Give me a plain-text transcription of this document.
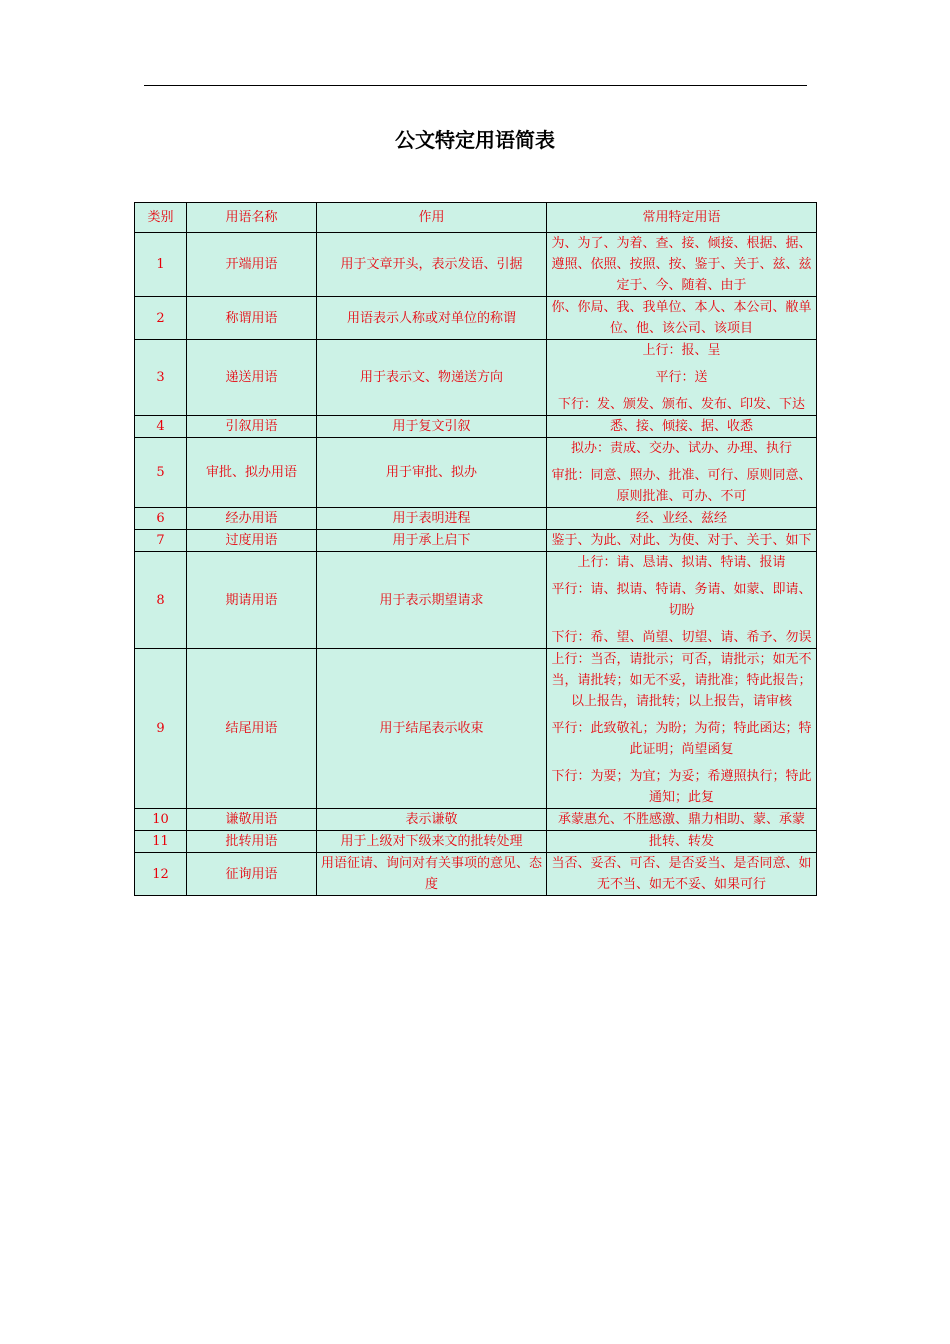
公文特定用语简表
类别	用语名称	作用	常用特定用语
1	开端用语	用于文章开头，表示发语、引据	为、为了、为着、查、接、倾接、根据、据、遵照、依照、按照、按、鉴于、关于、兹、兹定于、今、随着、由于

2	称谓用语	用语表示人称或对单位的称谓	你、你局、我、我单位、本人、本公司、敝单位、他、该公司、该项目

3	递送用语	用于表示文、物递送方向	上行：报、呈
平行：送
下行：发、颁发、颁布、发布、印发、下达

4	引叙用语	用于复文引叙	悉、接、倾接、据、收悉

5	审批、拟办用语	用于审批、拟办	拟办：责成、交办、试办、办理、执行
审批：同意、照办、批准、可行、原则同意、原则批准、可办、不可

6	经办用语	用于表明进程	经、业经、兹经

7	过度用语	用于承上启下	鉴于、为此、对此、为使、对于、关于、如下

8	期请用语	用于表示期望请求	上行：请、恳请、拟请、特请、报请
平行：请、拟请、特请、务请、如蒙、即请、切盼
下行：希、望、尚望、切望、请、希予、勿误

9	结尾用语	用于结尾表示收束	上行：当否，请批示；可否，请批示；如无不当，请批转；如无不妥，请批准；特此报告；以上报告，请批转；以上报告，请审核
平行：此致敬礼；为盼；为荷；特此函达；特此证明；尚望函复
下行：为要；为宜；为妥；希遵照执行；特此通知；此复

10	谦敬用语	表示谦敬	承蒙惠允、不胜感激、鼎力相助、蒙、承蒙

11	批转用语	用于上级对下级来文的批转处理	批转、转发

12	征询用语	用语征请、询问对有关事项的意见、态度	当否、妥否、可否、是否妥当、是否同意、如无不当、如无不妥、如果可行
